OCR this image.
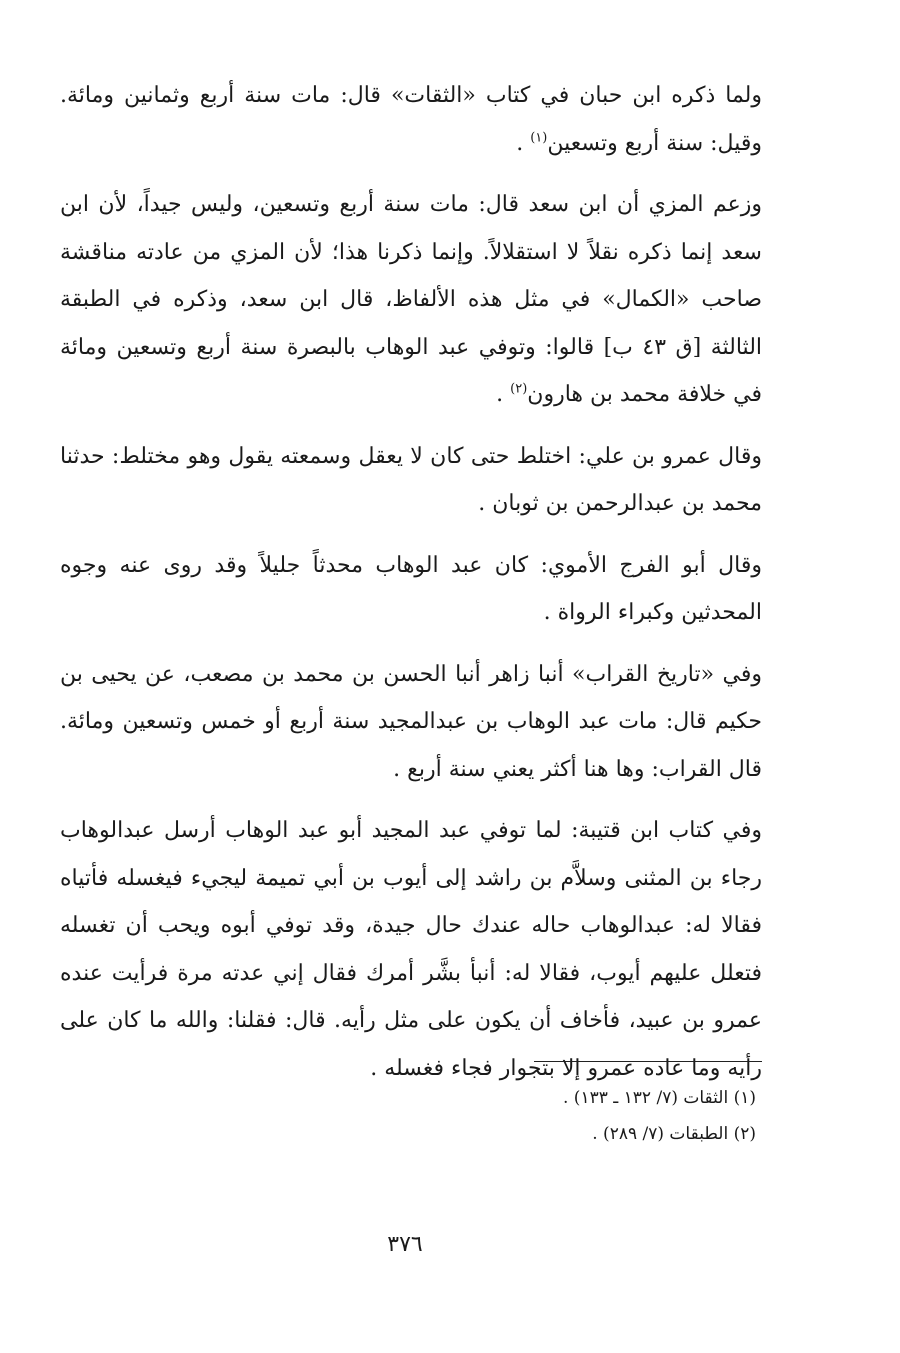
ولما ذكره ابن حبان في كتاب «الثقات» قال: مات سنة أربع وثمانين ومائة. وقيل: سنة أربع وتسعين$^{(١)}$ .

وزعم المزي أن ابن سعد قال: مات سنة أربع وتسعين، وليس جيداً، لأن ابن سعد إنما ذكره نقلاً لا استقلالاً. وإنما ذكرنا هذا؛ لأن المزي من عادته مناقشة صاحب «الكمال» في مثل هذه الألفاظ، قال ابن سعد، وذكره في الطبقة الثالثة [ق ٤٣ ب] قالوا: وتوفي عبد الوهاب بالبصرة سنة أربع وتسعين ومائة في خلافة محمد بن هارون$^{(٢)}$ .

وقال عمرو بن علي: اختلط حتى كان لا يعقل وسمعته يقول وهو مختلط: حدثنا محمد بن عبدالرحمن بن ثوبان .

وقال أبو الفرج الأموي: كان عبد الوهاب محدثاً جليلاً وقد روى عنه وجوه المحدثين وكبراء الرواة .

وفي «تاريخ القراب» أنبا زاهر أنبا الحسن بن محمد بن مصعب، عن يحيى بن حكيم قال: مات عبد الوهاب بن عبدالمجيد سنة أربع أو خمس وتسعين ومائة. قال القراب: وها هنا أكثر يعني سنة أربع .

وفي كتاب ابن قتيبة: لما توفي عبد المجيد أبو عبد الوهاب أرسل عبدالوهاب رجاء بن المثنى وسلاَّم بن راشد إلى أيوب بن أبي تميمة ليجيء فيغسله فأتياه فقالا له: عبدالوهاب حاله عندك حال جيدة، وقد توفي أبوه ويحب أن تغسله فتعلل عليهم أيوب، فقالا له: أنبأ بشَّر أمرك فقال إني عدته مرة فرأيت عنده عمرو بن عبيد، فأخاف أن يكون على مثل رأيه. قال: فقلنا: والله ما كان على رأيه وما عاده عمرو إلا بتجوار فجاء فغسله .

(١) الثقات (٧/ ١٣٢ ـ ١٣٣) .

(٢) الطبقات (٧/ ٢٨٩) .

٣٧٦
